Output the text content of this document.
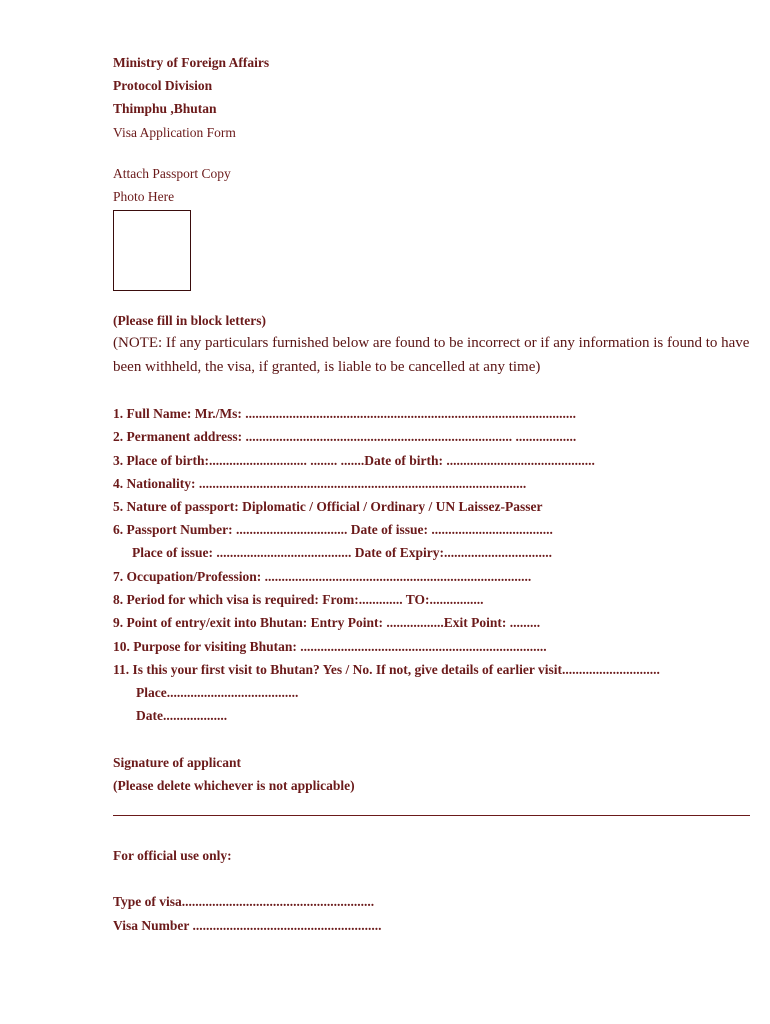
Ministry of Foreign Affairs
Protocol Division
Thimphu ,Bhutan
Visa Application Form
Attach Passport Copy
Photo Here
(Please fill in block letters)
(NOTE: If any particulars furnished below are found to be incorrect or if any information is found to have
been withheld, the visa, if granted, is liable to be cancelled at any time)
1. Full Name: Mr./Ms: ..................................................................................................
2. Permanent address: ............................................................................... ..................
3. Place of birth:............................. ........ .......Date of birth: ............................................
4. Nationality: .................................................................................................
5. Nature of passport: Diplomatic / Official / Ordinary / UN Laissez-Passer
6. Passport Number: ................................. Date of issue: ....................................
Place of issue: ........................................ Date of Expiry:................................
7. Occupation/Profession: ...............................................................................
8. Period for which visa is required: From:............. TO:................
9. Point of entry/exit into Bhutan: Entry Point: .................Exit Point: .........
10. Purpose for visiting Bhutan: .........................................................................
11. Is this your first visit to Bhutan? Yes / No. If not, give details of earlier visit.............................
Place.......................................
Date...................
Signature of applicant
(Please delete whichever is not applicable)
For official use only:
Type of visa.........................................................
Visa Number ........................................................
